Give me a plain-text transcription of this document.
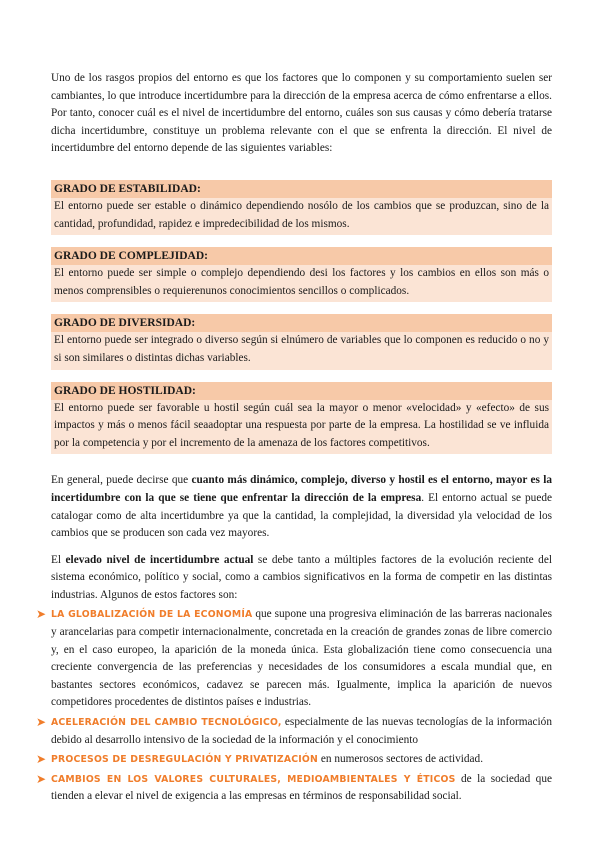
Uno de los rasgos propios del entorno es que los factores que lo componen y su comportamiento suelen ser cambiantes, lo que introduce incertidumbre para la dirección de la empresa acerca de cómo enfrentarse a ellos. Por tanto, conocer cuál es el nivel de incertidumbre del entorno, cuáles son sus causas y cómo debería tratarse dicha incertidumbre, constituye un problema relevante con el que se enfrenta la dirección. El nivel de incertidumbre del entorno depende de las siguientes variables:

GRADO DE ESTABILIDAD:
El entorno puede ser estable o dinámico dependiendo nosólo de los cambios que se produzcan, sino de la cantidad, profundidad, rapidez e impredecibilidad de los mismos.
GRADO DE COMPLEJIDAD:
El entorno puede ser simple o complejo dependiendo desi los factores y los cambios en ellos son más o menos comprensibles o requierenunos conocimientos sencillos o complicados.
GRADO DE DIVERSIDAD:
El entorno puede ser integrado o diverso según si elnúmero de variables que lo componen es reducido o no y si son similares o distintas dichas variables.
GRADO DE HOSTILIDAD:
El entorno puede ser favorable u hostil según cuál sea la mayor o menor «velocidad» y «efecto» de sus impactos y más o menos fácil seaadoptar una respuesta por parte de la empresa. La hostilidad se ve influida por la competencia y por el incremento de la amenaza de los factores competitivos.

En general, puede decirse que cuanto más dinámico, complejo, diverso y hostil es el entorno, mayor es la incertidumbre con la que se tiene que enfrentar la dirección de la empresa. El entorno actual se puede catalogar como de alta incertidumbre ya que la cantidad, la complejidad, la diversidad yla velocidad de los cambios que se producen son cada vez mayores.

El elevado nivel de incertidumbre actual se debe tanto a múltiples factores de la evolución reciente del sistema económico, político y social, como a cambios significativos en la forma de competir en las distintas industrias. Algunos de estos factores son:

➤ LA GLOBALIZACIÓN DE LA ECONOMÍA que supone una progresiva eliminación de las barreras nacionales y arancelarias para competir internacionalmente, concretada en la creación de grandes zonas de libre comercio y, en el caso europeo, la aparición de la moneda única. Esta globalización tiene como consecuencia una creciente convergencia de las preferencias y necesidades de los consumidores a escala mundial que, en bastantes sectores económicos, cadavez se parecen más. Igualmente, implica la aparición de nuevos competidores procedentes de distintos países e industrias.
➤ ACELERACIÓN DEL CAMBIO TECNOLÓGICO, especialmente de las nuevas tecnologías de la información debido al desarrollo intensivo de la sociedad de la información y el conocimiento
➤ PROCESOS DE DESREGULACIÓN Y PRIVATIZACIÓN en numerosos sectores de actividad.
➤ CAMBIOS EN LOS VALORES CULTURALES, MEDIOAMBIENTALES Y ÉTICOS de la sociedad que tienden a elevar el nivel de exigencia a las empresas en términos de responsabilidad social.
